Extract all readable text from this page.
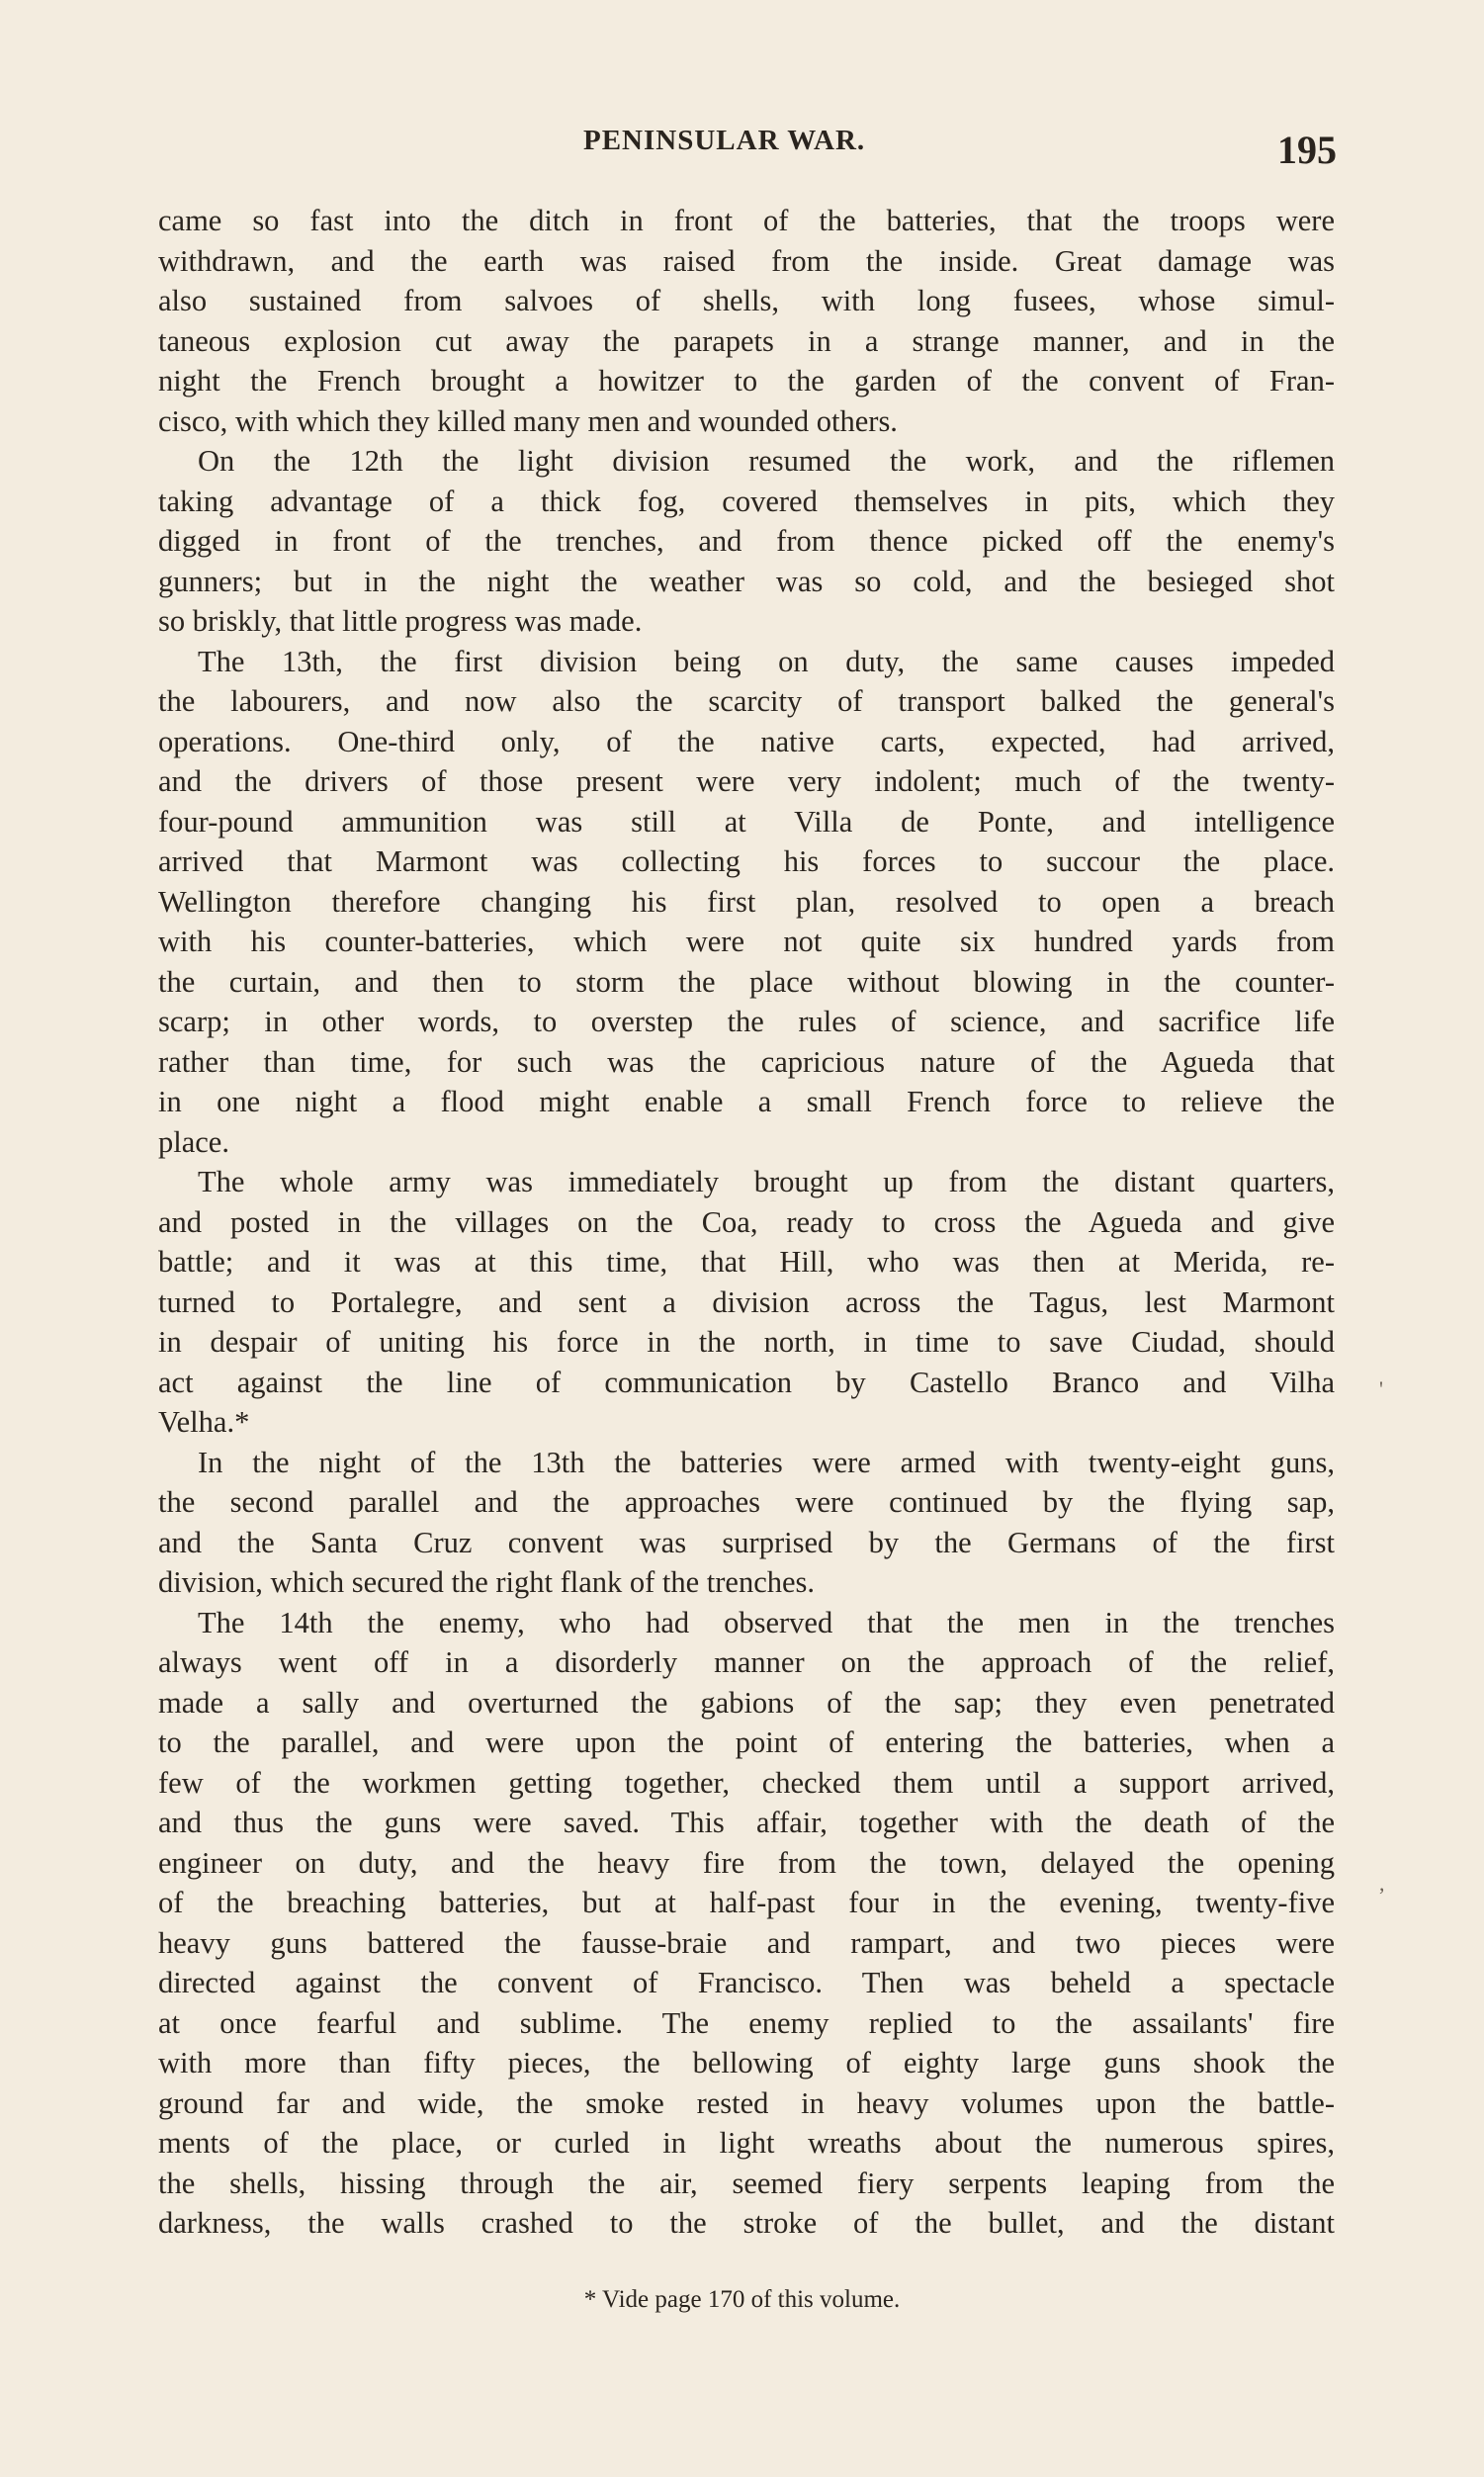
PENINSULAR WAR.	195
came so fast into the ditch in front of the batteries, that the troops were
withdrawn, and the earth was raised from the inside. Great damage was
also sustained from salvoes of shells, with long fusees, whose simul-
taneous explosion cut away the parapets in a strange manner, and in the
night the French brought a howitzer to the garden of the convent of Fran-
cisco, with which they killed many men and wounded others.
On the 12th the light division resumed the work, and the riflemen
taking advantage of a thick fog, covered themselves in pits, which they
digged in front of the trenches, and from thence picked off the enemy's
gunners; but in the night the weather was so cold, and the besieged shot
so briskly, that little progress was made.
The 13th, the first division being on duty, the same causes impeded
the labourers, and now also the scarcity of transport balked the general's
operations. One-third only, of the native carts, expected, had arrived,
and the drivers of those present were very indolent; much of the twenty-
four-pound ammunition was still at Villa de Ponte, and intelligence
arrived that Marmont was collecting his forces to succour the place.
Wellington therefore changing his first plan, resolved to open a breach
with his counter-batteries, which were not quite six hundred yards from
the curtain, and then to storm the place without blowing in the counter-
scarp; in other words, to overstep the rules of science, and sacrifice life
rather than time, for such was the capricious nature of the Agueda that
in one night a flood might enable a small French force to relieve the
place.
The whole army was immediately brought up from the distant quarters,
and posted in the villages on the Coa, ready to cross the Agueda and give
battle; and it was at this time, that Hill, who was then at Merida, re-
turned to Portalegre, and sent a division across the Tagus, lest Marmont
in despair of uniting his force in the north, in time to save Ciudad, should
act against the line of communication by Castello Branco and Vilha
Velha.*
In the night of the 13th the batteries were armed with twenty-eight guns,
the second parallel and the approaches were continued by the flying sap,
and the Santa Cruz convent was surprised by the Germans of the first
division, which secured the right flank of the trenches.
The 14th the enemy, who had observed that the men in the trenches
always went off in a disorderly manner on the approach of the relief,
made a sally and overturned the gabions of the sap; they even penetrated
to the parallel, and were upon the point of entering the batteries, when a
few of the workmen getting together, checked them until a support arrived,
and thus the guns were saved. This affair, together with the death of the
engineer on duty, and the heavy fire from the town, delayed the opening
of the breaching batteries, but at half-past four in the evening, twenty-five
heavy guns battered the fausse-braie and rampart, and two pieces were
directed against the convent of Francisco. Then was beheld a spectacle
at once fearful and sublime. The enemy replied to the assailants' fire
with more than fifty pieces, the bellowing of eighty large guns shook the
ground far and wide, the smoke rested in heavy volumes upon the battle-
ments of the place, or curled in light wreaths about the numerous spires,
the shells, hissing through the air, seemed fiery serpents leaping from the
darkness, the walls crashed to the stroke of the bullet, and the distant
'
,
* Vide page 170 of this volume.
